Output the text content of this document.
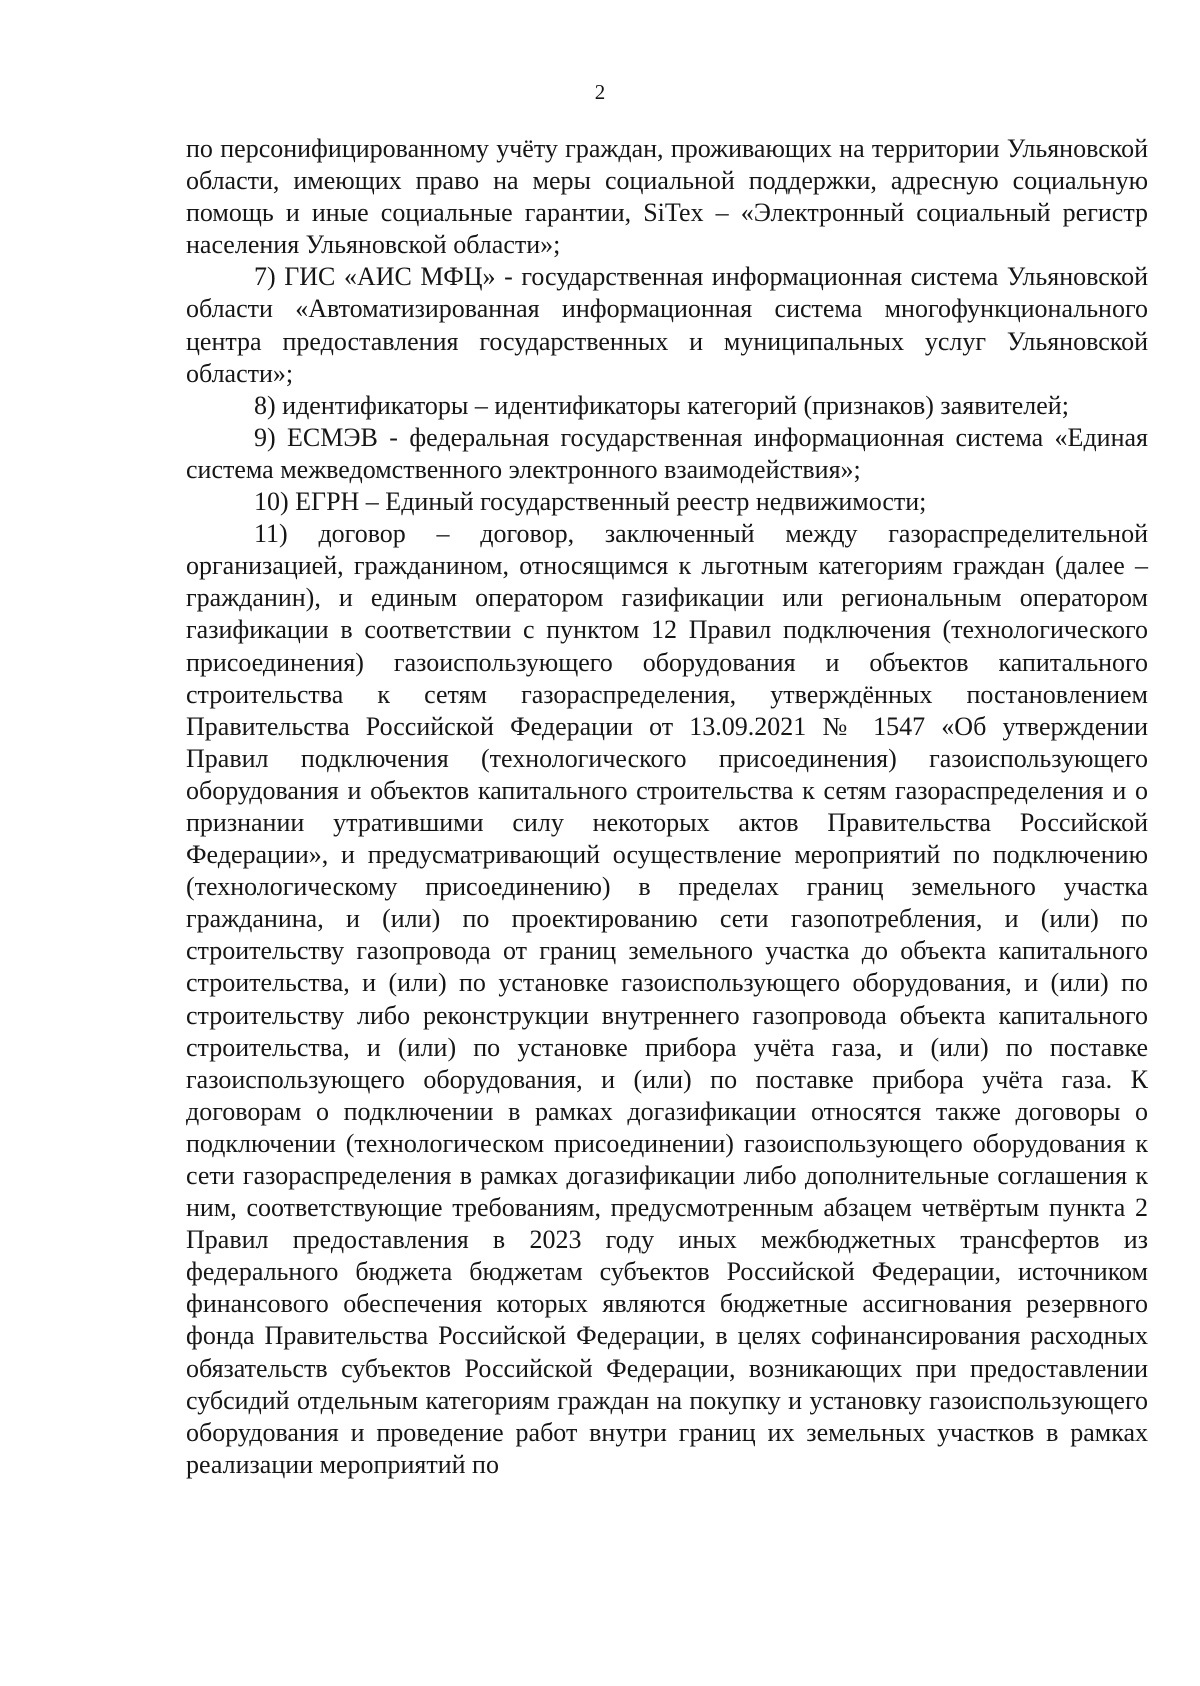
2

по персонифицированному учёту граждан, проживающих на территории Ульяновской области, имеющих право на меры социальной поддержки, адресную социальную помощь и иные социальные гарантии, SiTex – «Электронный социальный регистр населения Ульяновской области»;

7) ГИС «АИС МФЦ» - государственная информационная система Ульяновской области «Автоматизированная информационная система многофункционального центра предоставления государственных и муниципальных услуг Ульяновской области»;

8) идентификаторы – идентификаторы категорий (признаков) заявителей;

9) ЕСМЭВ - федеральная государственная информационная система «Единая система межведомственного электронного взаимодействия»;

10) ЕГРН – Единый государственный реестр недвижимости;

11) договор – договор, заключенный между газораспределительной организацией, гражданином, относящимся к льготным категориям граждан (далее – гражданин), и единым оператором газификации или региональным оператором газификации в соответствии с пунктом 12 Правил подключения (технологического присоединения) газоиспользующего оборудования и объектов капитального строительства к сетям газораспределения, утверждённых постановлением Правительства Российской Федерации от 13.09.2021 № 1547 «Об утверждении Правил подключения (технологического присоединения) газоиспользующего оборудования и объектов капитального строительства к сетям газораспределения и о признании утратившими силу некоторых актов Правительства Российской Федерации», и предусматривающий осуществление мероприятий по подключению (технологическому присоединению) в пределах границ земельного участка гражданина, и (или) по проектированию сети газопотребления, и (или) по строительству газопровода от границ земельного участка до объекта капитального строительства, и (или) по установке газоиспользующего оборудования, и (или) по строительству либо реконструкции внутреннего газопровода объекта капитального строительства, и (или) по установке прибора учёта газа, и (или) по поставке газоиспользующего оборудования, и (или) по поставке прибора учёта газа. К договорам о подключении в рамках догазификации относятся также договоры о подключении (технологическом присоединении) газоиспользующего оборудования к сети газораспределения в рамках догазификации либо дополнительные соглашения к ним, соответствующие требованиям, предусмотренным абзацем четвёртым пункта 2 Правил предоставления в 2023 году иных межбюджетных трансфертов из федерального бюджета бюджетам субъектов Российской Федерации, источником финансового обеспечения которых являются бюджетные ассигнования резервного фонда Правительства Российской Федерации, в целях софинансирования расходных обязательств субъектов Российской Федерации, возникающих при предоставлении субсидий отдельным категориям граждан на покупку и установку газоиспользующего оборудования и проведение работ внутри границ их земельных участков в рамках реализации мероприятий по
